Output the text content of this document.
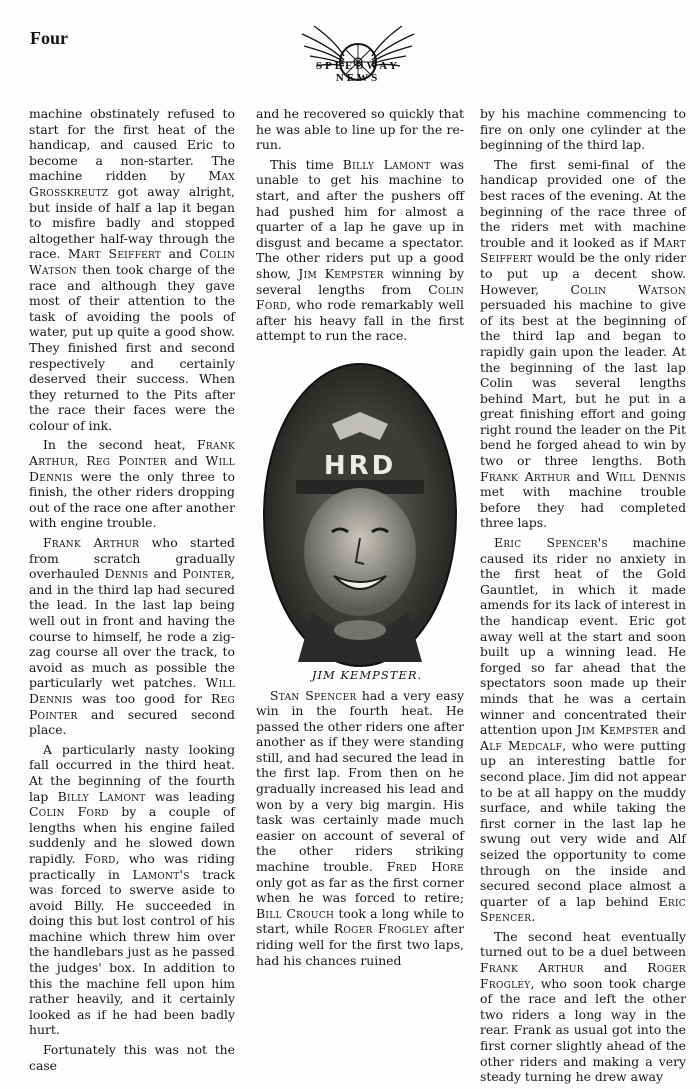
Four
SPEEDWAY NEWS

machine obstinately refused to start for the first heat of the handicap, and caused Eric to become a non-starter. The machine ridden by Max Grosskreutz got away alright, but inside of half a lap it began to misfire badly and stopped altogether half-way through the race. Mart Seiffert and Colin Watson then took charge of the race and although they gave most of their attention to the task of avoiding the pools of water, put up quite a good show. They finished first and second respectively and certainly deserved their success. When they returned to the Pits after the race their faces were the colour of ink.

In the second heat, Frank Arthur, Reg Pointer and Will Dennis were the only three to finish, the other riders dropping out of the race one after another with engine trouble.

Frank Arthur who started from scratch gradually overhauled Dennis and Pointer, and in the third lap had secured the lead. In the last lap being well out in front and having the course to himself, he rode a zig-zag course all over the track, to avoid as much as possible the particularly wet patches. Will Dennis was too good for Reg Pointer and secured second place.

A particularly nasty looking fall occurred in the third heat. At the beginning of the fourth lap Billy Lamont was leading Colin Ford by a couple of lengths when his engine failed suddenly and he slowed down rapidly. Ford, who was riding practically in Lamont's track was forced to swerve aside to avoid Billy. He succeeded in doing this but lost control of his machine which threw him over the handlebars just as he passed the judges' box. In addition to this the machine fell upon him rather heavily, and it certainly looked as if he had been badly hurt.

Fortunately this was not the case

and he recovered so quickly that he was able to line up for the re-run.

This time Billy Lamont was unable to get his machine to start, and after the pushers off had pushed him for almost a quarter of a lap he gave up in disgust and became a spectator. The other riders put up a good show, Jim Kempster winning by several lengths from Colin Ford, who rode remarkably well after his heavy fall in the first attempt to run the race.

HRD

JIM KEMPSTER.

Stan Spencer had a very easy win in the fourth heat. He passed the other riders one after another as if they were standing still, and had secured the lead in the first lap. From then on he gradually increased his lead and won by a very big margin. His task was certainly made much easier on account of several of the other riders striking machine trouble. Fred Hore only got as far as the first corner when he was forced to retire; Bill Crouch took a long while to start, while Roger Frogley after riding well for the first two laps, had his chances ruined

by his machine commencing to fire on only one cylinder at the beginning of the third lap.

The first semi-final of the handicap provided one of the best races of the evening. At the beginning of the race three of the riders met with machine trouble and it looked as if Mart Seiffert would be the only rider to put up a decent show. However, Colin Watson persuaded his machine to give of its best at the beginning of the third lap and began to rapidly gain upon the leader. At the beginning of the last lap Colin was several lengths behind Mart, but he put in a great finishing effort and going right round the leader on the Pit bend he forged ahead to win by two or three lengths. Both Frank Arthur and Will Dennis met with machine trouble before they had completed three laps.

Eric Spencer's machine caused its rider no anxiety in the first heat of the Gold Gauntlet, in which it made amends for its lack of interest in the handicap event. Eric got away well at the start and soon built up a winning lead. He forged so far ahead that the spectators soon made up their minds that he was a certain winner and concentrated their attention upon Jim Kempster and Alf Medcalf, who were putting up an interesting battle for second place. Jim did not appear to be at all happy on the muddy surface, and while taking the first corner in the last lap he swung out very wide and Alf seized the opportunity to come through on the inside and secured second place almost a quarter of a lap behind Eric Spencer.

The second heat eventually turned out to be a duel between Frank Arthur and Roger Frogley, who soon took charge of the race and left the other two riders a long way in the rear. Frank as usual got into the first corner slightly ahead of the other riders and making a very steady turning he drew away
